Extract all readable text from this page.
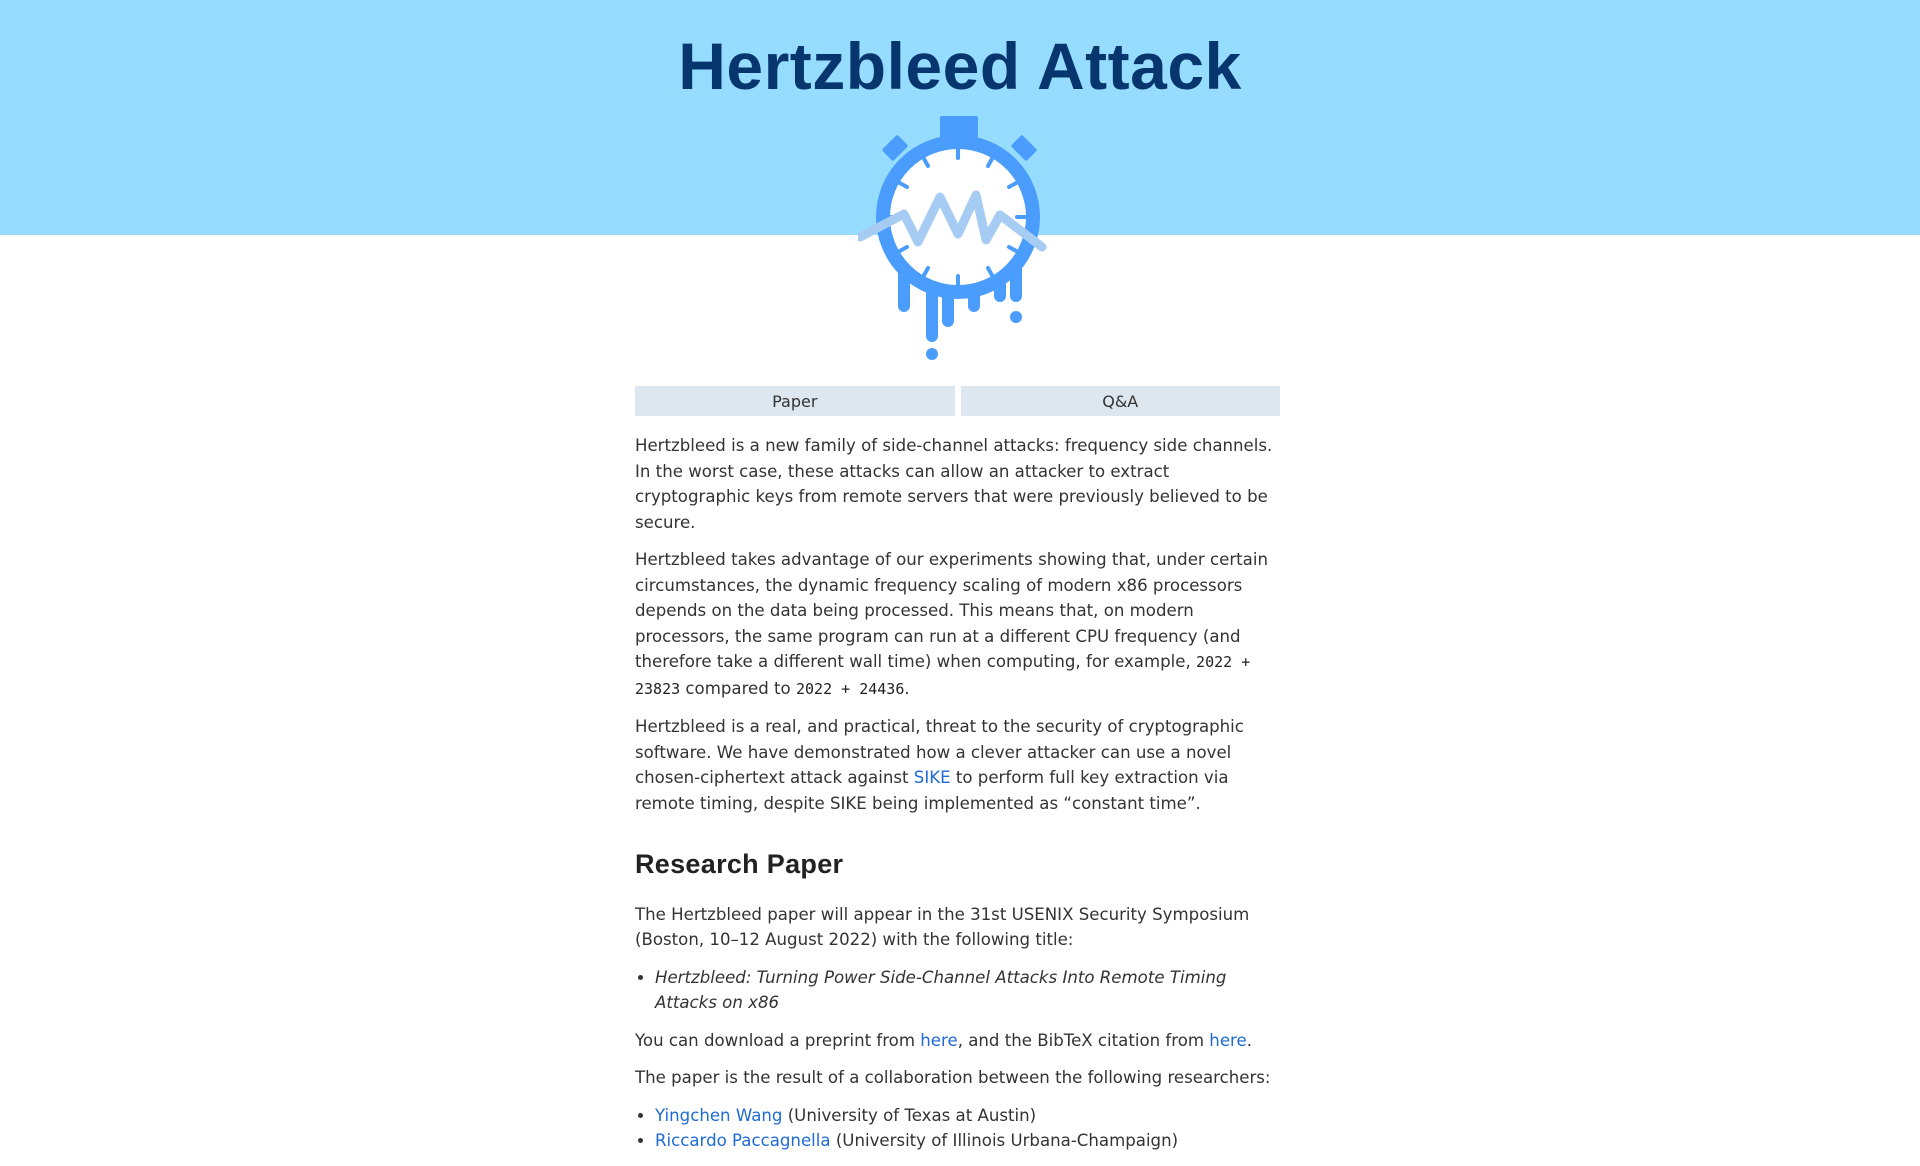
Hertzbleed Attack
Paper	Q&A

Hertzbleed is a new family of side-channel attacks: frequency side channels. In the worst case, these attacks can allow an attacker to extract cryptographic keys from remote servers that were previously believed to be secure.

Hertzbleed takes advantage of our experiments showing that, under certain circumstances, the dynamic frequency scaling of modern x86 processors depends on the data being processed. This means that, on modern processors, the same program can run at a different CPU frequency (and therefore take a different wall time) when computing, for example, 2022 + 23823 compared to 2022 + 24436.

Hertzbleed is a real, and practical, threat to the security of cryptographic software. We have demonstrated how a clever attacker can use a novel chosen-ciphertext attack against SIKE to perform full key extraction via remote timing, despite SIKE being implemented as “constant time”.

Research Paper

The Hertzbleed paper will appear in the 31st USENIX Security Symposium (Boston, 10–12 August 2022) with the following title:

• Hertzbleed: Turning Power Side-Channel Attacks Into Remote Timing Attacks on x86

You can download a preprint from here, and the BibTeX citation from here.

The paper is the result of a collaboration between the following researchers:

• Yingchen Wang (University of Texas at Austin)
• Riccardo Paccagnella (University of Illinois Urbana-Champaign)
